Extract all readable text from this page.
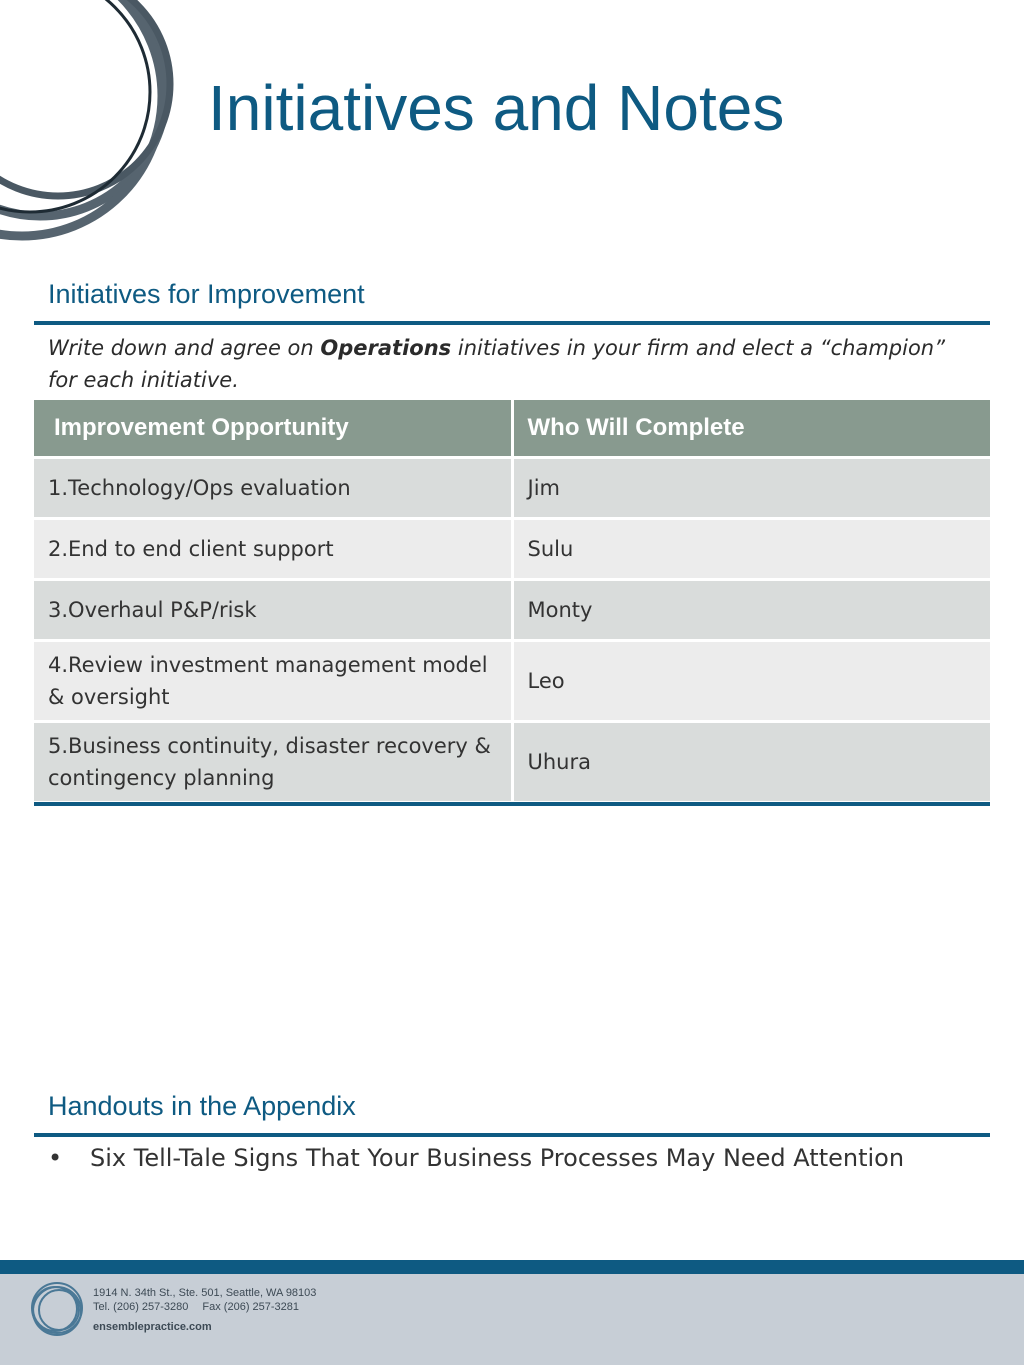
Initiatives and Notes
Initiatives for Improvement
Write down and agree on Operations initiatives in your firm and elect a “champion” for each initiative.
Improvement Opportunity	Who Will Complete
1.Technology/Ops evaluation	Jim
2.End to end client support	Sulu
3.Overhaul P&P/risk	Monty
4.Review investment management model & oversight	Leo
5.Business continuity, disaster recovery & contingency planning	Uhura
Handouts in the Appendix
•	Six Tell-Tale Signs That Your Business Processes May Need Attention
1914 N. 34th St., Ste. 501, Seattle, WA 98103
Tel. (206) 257-3280 Fax (206) 257-3281
ensemblepractice.com
